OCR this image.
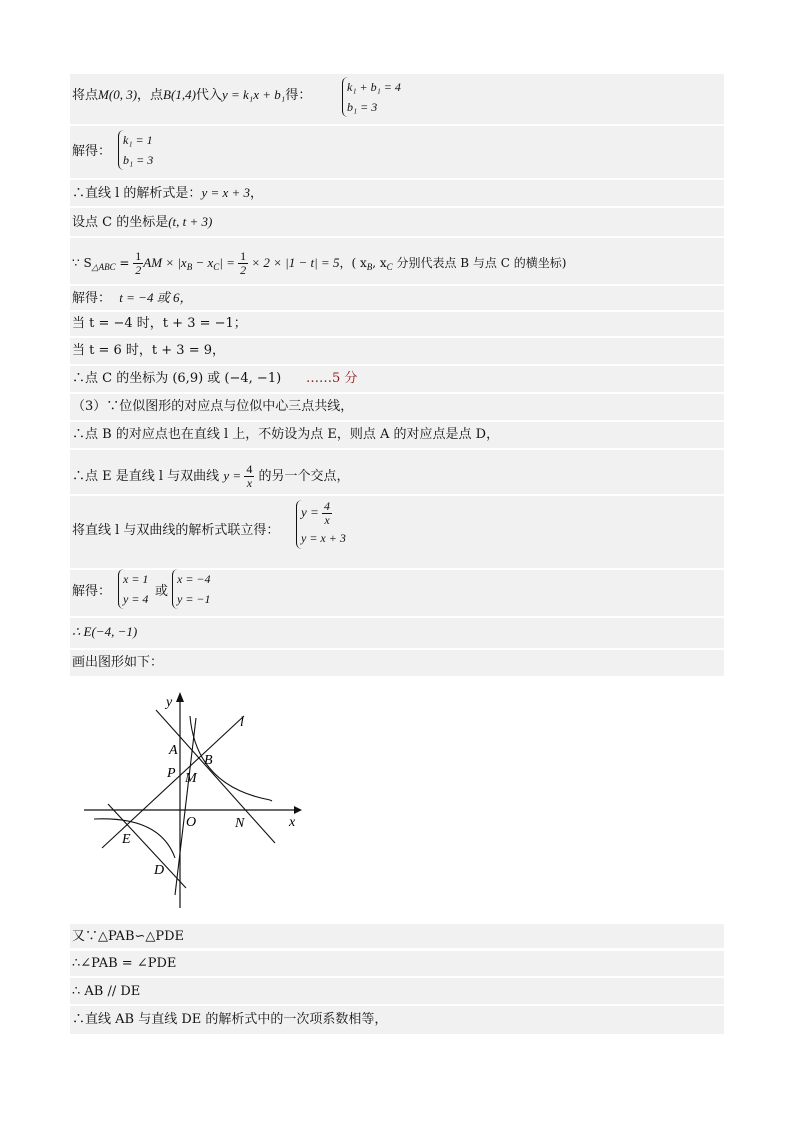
将点M(0, 3)，点B(1,4)代入y = k₁x + b₁得：
k₁ + b₁ = 4
b₁ = 3
解得：
k₁ = 1
b₁ = 3
∴直线 l 的解析式是：y = x + 3，
设点 C 的坐标是(t, t + 3)
∵ $S_{\triangle ABC} = \frac{1}{2}$ AM × $|x_B - x_C| = \frac{1}{2} \times 2 \times |1 - t| = 5$，( $x_B$, $x_C$ 分别代表点 B 与点 C 的横坐标)
解得： t = −4 或 6，
当 t = −4 时，t + 3 = −1；
当 t = 6 时，t + 3 = 9，
∴点 C 的坐标为 (6,9) 或 (−4, −1) ……5 分
（3）∵位似图形的对应点与位似中心三点共线，
∴点 B 的对应点也在直线 l 上，不妨设为点 E，则点 A 的对应点是点 D，
∴点 E 是直线 l 与双曲线 $y = \frac{4}{x}$ 的另一个交点，
将直线 l 与双曲线的解析式联立得：
$y = \frac{4}{x}$

y = x + 3
解得：
x = 1
y = 4 或
x = −4
y = −1
∴ E(−4, −1)
画出图形如下：
y
l
A
B
P M
O	N	x
E
D
又∵△PAB∽△PDE
∴∠PAB = ∠PDE
∴ AB // DE
∴直线 AB 与直线 DE 的解析式中的一次项系数相等，
